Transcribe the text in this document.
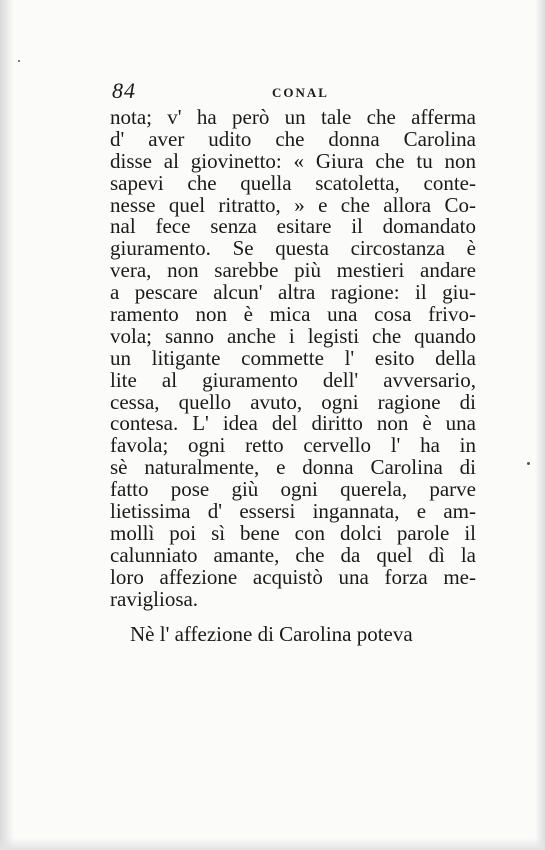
84	CONAL
nota; v' ha però un tale che afferma
d' aver udito che donna Carolina
disse al giovinetto: « Giura che tu non
sapevi che quella scatoletta, conte-
nesse quel ritratto, » e che allora Co-
nal fece senza esitare il domandato
giuramento. Se questa circostanza è
vera, non sarebbe più mestieri andare
a pescare alcun' altra ragione: il giu-
ramento non è mica una cosa frivo-
vola; sanno anche i legisti che quando
un litigante commette l' esito della
lite al giuramento dell' avversario,
cessa, quello avuto, ogni ragione di
contesa. L' idea del diritto non è una
favola; ogni retto cervello l' ha in
sè naturalmente, e donna Carolina di
fatto pose giù ogni querela, parve
lietissima d' essersi ingannata, e am-
mollì poi sì bene con dolci parole il
calunniato amante, che da quel dì la
loro affezione acquistò una forza me-
ravigliosa.
Nè l' affezione di Carolina poteva
